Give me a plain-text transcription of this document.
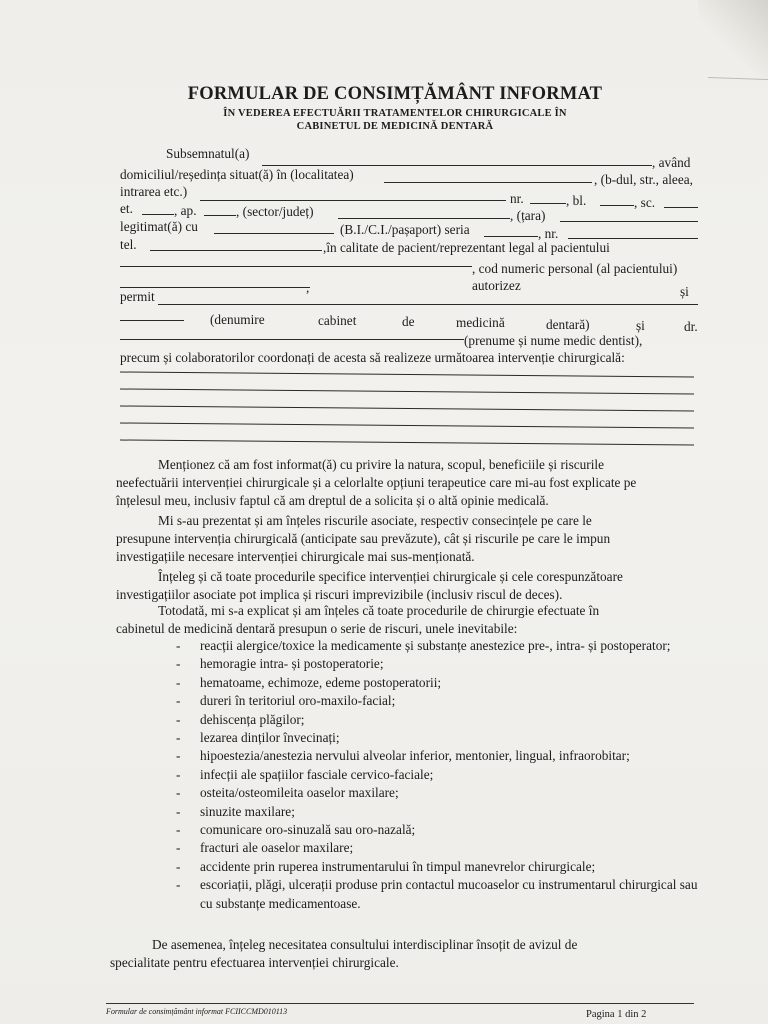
FORMULAR DE CONSIMȚĂMÂNT INFORMAT
ÎN VEDEREA EFECTUĂRII TRATAMENTELOR CHIRURGICALE ÎN
CABINETUL DE MEDICINĂ DENTARĂ
Subsemnatul(a)
, având
domiciliul/reședința situat(ă) în (localitatea)	, (b-dul, str., aleea,
intrarea etc.)	nr.	, bl.	, sc.
et.	, ap.	, (sector/județ)	, (țara)
legitimat(ă) cu	(B.I./C.I./pașaport) seria	, nr.
tel.	,în calitate de pacient/reprezentant legal al pacientului
, cod numeric personal (al pacientului)
,	autorizez	și
permit
(denumire	cabinet	de	medicină	dentară)	și	dr.
(prenume și nume medic dentist),
precum și colaboratorilor coordonați de acesta să realizeze următoarea intervenție chirurgicală:
Menționez că am fost informat(ă) cu privire la natura, scopul, beneficiile și riscurile
neefectuării intervenției chirurgicale și a celorlalte opțiuni terapeutice care mi-au fost explicate pe
înțelesul meu, inclusiv faptul că am dreptul de a solicita și o altă opinie medicală.
Mi s-au prezentat și am înțeles riscurile asociate, respectiv consecințele pe care le
presupune intervenția chirurgicală (anticipate sau prevăzute), cât și riscurile pe care le impun
investigațiile necesare intervenției chirurgicale mai sus-menționată.
Înțeleg și că toate procedurile specifice intervenției chirurgicale și cele corespunzătoare
investigațiilor asociate pot implica și riscuri imprevizibile (inclusiv riscul de deces).
Totodată, mi s-a explicat și am înțeles că toate procedurile de chirurgie efectuate în
cabinetul de medicină dentară presupun o serie de riscuri, unele inevitabile:
- reacții alergice/toxice la medicamente și substanțe anestezice pre-, intra- și postoperator;
- hemoragie intra- și postoperatorie;
- hematoame, echimoze, edeme postoperatorii;
- dureri în teritoriul oro-maxilo-facial;
- dehiscența plăgilor;
- lezarea dinților învecinați;
- hipoestezia/anestezia nervului alveolar inferior, mentonier, lingual, infraorobitar;
- infecții ale spațiilor fasciale cervico-faciale;
- osteita/osteomileita oaselor maxilare;
- sinuzite maxilare;
- comunicare oro-sinuzală sau oro-nazală;
- fracturi ale oaselor maxilare;
- accidente prin ruperea instrumentarului în timpul manevrelor chirurgicale;
- escoriații, plăgi, ulcerații produse prin contactul mucoaselor cu instrumentarul chirurgical sau cu substanțe medicamentoase.
De asemenea, înțeleg necesitatea consultului interdisciplinar însoțit de avizul de
specialitate pentru efectuarea intervenției chirurgicale.
Formular de consimțământ informat FCIICCMD010113	Pagina 1 din 2
